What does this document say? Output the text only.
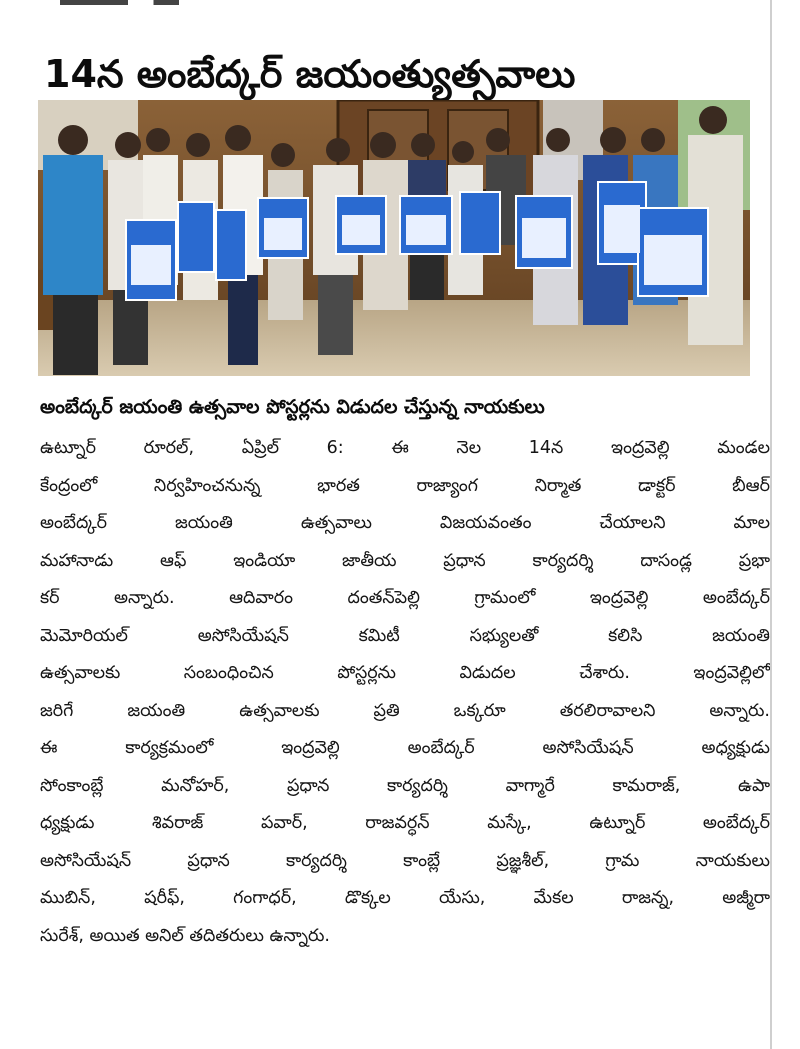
14న అంబేద్కర్ జయంత్యుత్సవాలు
అంబేద్కర్ జయంతి ఉత్సవాల పోస్టర్లను విడుదల చేస్తున్న నాయకులు
ఉట్నూర్ రూరల్, ఏప్రిల్ 6: ఈ నెల 14న ఇంద్రవెల్లి మండల
కేంద్రంలో నిర్వహించనున్న భారత రాజ్యాంగ నిర్మాత డాక్టర్ బీఆర్
అంబేద్కర్ జయంతి ఉత్సవాలు విజయవంతం చేయాలని మాల
మహానాడు ఆఫ్ ఇండియా జాతీయ ప్రధాన కార్యదర్శి దాసండ్ల ప్రభా
కర్ అన్నారు. ఆదివారం దంతన్‌పెల్లి గ్రామంలో ఇంద్రవెల్లి అంబేద్కర్
మెమోరియల్ అసోసియేషన్ కమిటీ సభ్యులతో కలిసి జయంతి
ఉత్సవాలకు సంబంధించిన పోస్టర్లను విడుదల చేశారు. ఇంద్రవెల్లిలో
జరిగే జయంతి ఉత్సవాలకు ప్రతి ఒక్కరూ తరలిరావాలని అన్నారు.
ఈ కార్యక్రమంలో ఇంద్రవెల్లి అంబేద్కర్ అసోసియేషన్ అధ్యక్షుడు
సోంకాంబ్లే మనోహర్, ప్రధాన కార్యదర్శి వాగ్మారే కామరాజ్, ఉపా
ధ్యక్షుడు శివరాజ్ పవార్, రాజవర్ధన్ మస్కే, ఉట్నూర్ అంబేద్కర్
అసోసియేషన్ ప్రధాన కార్యదర్శి కాంబ్లే ప్రజ్ఞశీల్, గ్రామ నాయకులు
ముబిన్, షరీఫ్, గంగాధర్, డొక్కల యేసు, మేకల రాజన్న, అజ్మీరా
సురేశ్, అయిత అనిల్ తదితరులు ఉన్నారు.
